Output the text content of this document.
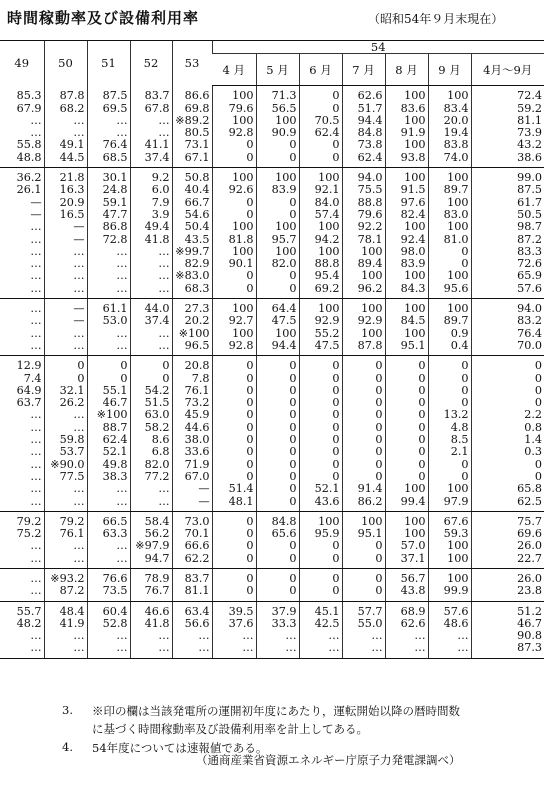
時間稼動率及び設備利用率	（昭和54年９月末現在）
49	50	51	52	53	54						
					4 月	5 月	6 月	7 月	8 月	9 月	4月～9月
85.3	87.8	87.5	83.7	86.6	100	71.3	0	62.6	100	100	72.4
67.9	68.2	69.5	67.8	69.8	79.6	56.5	0	51.7	83.6	83.4	59.2
…	…	…	…	※89.2	100	100	70.5	94.4	100	20.0	81.1
…	…	…	…	80.5	92.8	90.9	62.4	84.8	91.9	19.4	73.9
55.8	49.1	76.4	41.1	73.1	0	0	0	73.8	100	83.8	43.2
48.8	44.5	68.5	37.4	67.1	0	0	0	62.4	93.8	74.0	38.6
36.2	21.8	30.1	9.2	50.8	100	100	100	94.0	100	100	99.0
26.1	16.3	24.8	6.0	40.4	92.6	83.9	92.1	75.5	91.5	89.7	87.5
—	20.9	59.1	7.9	66.7	0	0	84.0	88.8	97.6	100	61.7
—	16.5	47.7	3.9	54.6	0	0	57.4	79.6	82.4	83.0	50.5
…	—	86.8	49.4	50.4	100	100	100	92.2	100	100	98.7
…	—	72.8	41.8	43.5	81.8	95.7	94.2	78.1	92.4	81.0	87.2
…	…	…	…	※99.7	100	100	100	100	98.0	0	83.3
…	…	…	…	82.9	90.1	82.0	88.8	89.4	83.9	0	72.6
…	…	…	…	※83.0	0	0	95.4	100	100	100	65.9
…	…	…	…	68.3	0	0	69.2	96.2	84.3	95.6	57.6
…	—	61.1	44.0	27.3	100	64.4	100	100	100	100	94.0
…	—	53.0	37.4	20.2	92.7	47.5	92.9	92.9	84.5	89.7	83.2
…	…	…	…	※100	100	100	55.2	100	100	0.9	76.4
…	…	…	…	96.5	92.8	94.4	47.5	87.8	95.1	0.4	70.0
12.9	0	0	0	20.8	0	0	0	0	0	0	0
7.4	0	0	0	7.8	0	0	0	0	0	0	0
64.9	32.1	55.1	54.2	76.1	0	0	0	0	0	0	0
63.7	26.2	46.7	51.5	73.2	0	0	0	0	0	0	0
…	…	※100	63.0	45.9	0	0	0	0	0	13.2	2.2
…	…	88.7	58.2	44.6	0	0	0	0	0	4.8	0.8
…	59.8	62.4	8.6	38.0	0	0	0	0	0	8.5	1.4
…	53.7	52.1	6.8	33.6	0	0	0	0	0	2.1	0.3
…	※90.0	49.8	82.0	71.9	0	0	0	0	0	0	0
…	77.5	38.3	77.2	67.0	0	0	0	0	0	0	0
…	…	…	…	—	51.4	0	52.1	91.4	100	100	65.8
…	…	…	…	—	48.1	0	43.6	86.2	99.4	97.9	62.5
79.2	79.2	66.5	58.4	73.0	0	84.8	100	100	100	67.6	75.7
75.2	76.1	63.3	56.2	70.1	0	65.6	95.9	95.1	100	59.3	69.6
…	…	…	※97.9	66.6	0	0	0	0	57.0	100	26.0
…	…	…	94.7	62.2	0	0	0	0	37.1	100	22.7
…	※93.2	76.6	78.9	83.7	0	0	0	0	56.7	100	26.0
…	87.2	73.5	76.7	81.1	0	0	0	0	43.8	99.9	23.8
55.7	48.4	60.4	46.6	63.4	39.5	37.9	45.1	57.7	68.9	57.6	51.2
48.2	41.9	52.8	41.8	56.6	37.6	33.3	42.5	55.0	62.6	48.6	46.7
…	…	…	…	…	…	…	…	…	…	…	90.8
…	…	…	…	…	…	…	…	…	…	…	87.3
3. ※印の欄は当該発電所の運開初年度にあたり，運転開始以降の暦時間数
に基づく時間稼動率及び設備利用率を計上してある。
4. 54年度については速報値である。
（通商産業省資源エネルギー庁原子力発電課調べ）
